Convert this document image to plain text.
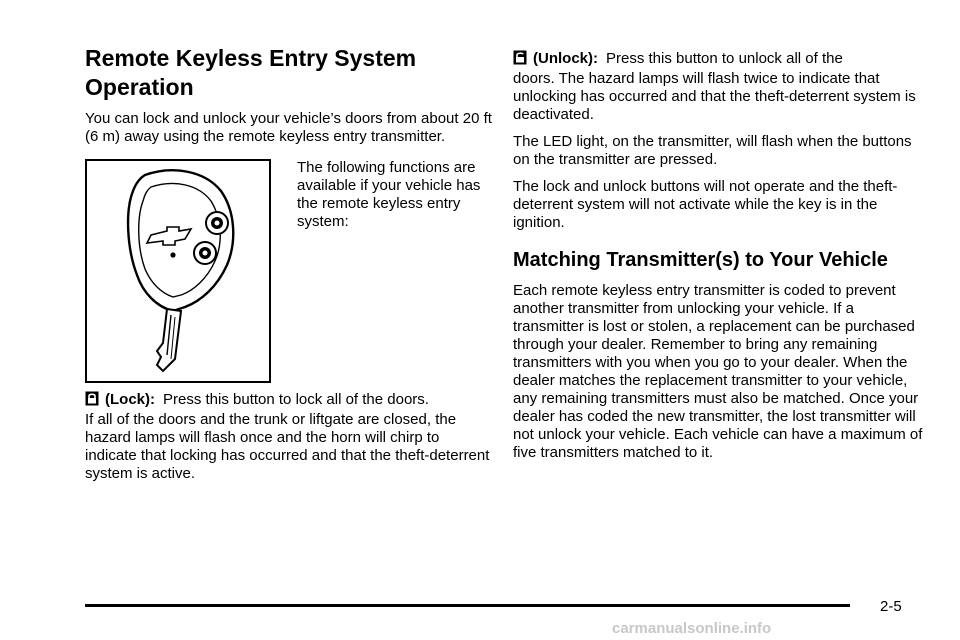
Remote Keyless Entry System Operation

You can lock and unlock your vehicle’s doors from about 20 ft (6 m) away using the remote keyless entry transmitter.

The following functions are available if your vehicle has the remote keyless entry system:

(Lock): Press this button to lock all of the doors.
If all of the doors and the trunk or liftgate are closed, the hazard lamps will flash once and the horn will chirp to indicate that locking has occurred and that the theft-deterrent system is active.

(Unlock): Press this button to unlock all of the
doors. The hazard lamps will flash twice to indicate that unlocking has occurred and that the theft-deterrent system is deactivated.

The LED light, on the transmitter, will flash when the buttons on the transmitter are pressed.

The lock and unlock buttons will not operate and the theft-deterrent system will not activate while the key is in the ignition.

Matching Transmitter(s) to Your Vehicle

Each remote keyless entry transmitter is coded to prevent another transmitter from unlocking your vehicle. If a transmitter is lost or stolen, a replacement can be purchased through your dealer. Remember to bring any remaining transmitters with you when you go to your dealer. When the dealer matches the replacement transmitter to your vehicle, any remaining transmitters must also be matched. Once your dealer has coded the new transmitter, the lost transmitter will not unlock your vehicle. Each vehicle can have a maximum of five transmitters matched to it.

2-5
carmanualsonline.info
